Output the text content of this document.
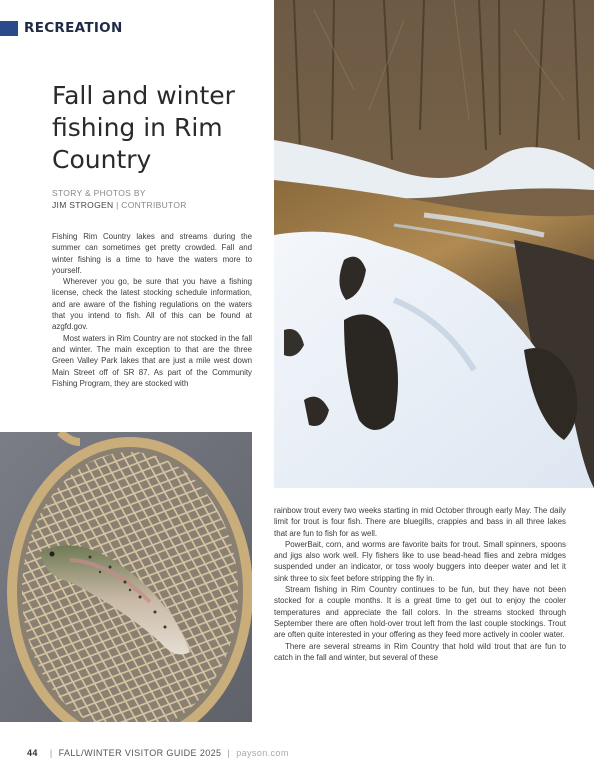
RECREATION
Fall and winter fishing in Rim Country
STORY & PHOTOS BY
JIM STROGEN | CONTRIBUTOR

Fishing Rim Country lakes and streams during the summer can sometimes get pretty crowded. Fall and winter fishing is a time to have the waters more to yourself.

Wherever you go, be sure that you have a fishing license, check the latest stocking schedule information, and are aware of the fishing regulations on the waters that you intend to fish. All of this can be found at azgfd.gov.

Most waters in Rim Country are not stocked in the fall and winter. The main exception to that are the three Green Valley Park lakes that are just a mile west down Main Street off of SR 87. As part of the Community Fishing Program, they are stocked with

rainbow trout every two weeks starting in mid October through early May. The daily limit for trout is four fish. There are bluegills, crappies and bass in all three lakes that are fun to fish for as well.

PowerBait, corn, and worms are favorite baits for trout. Small spinners, spoons and jigs also work well. Fly fishers like to use bead-head flies and zebra midges suspended under an indicator, or toss wooly buggers into deeper water and let it sink three to six feet before stripping the fly in.

Stream fishing in Rim Country continues to be fun, but they have not been stocked for a couple months. It is a great time to get out to enjoy the cooler temperatures and appreciate the fall colors. In the streams stocked through September there are often hold-over trout left from the last couple stockings. Trout are often quite interested in your offering as they feed more actively in cooler water.

There are several streams in Rim Country that hold wild trout that are fun to catch in the fall and winter, but several of these

44 | FALL/WINTER VISITOR GUIDE 2025 | payson.com
